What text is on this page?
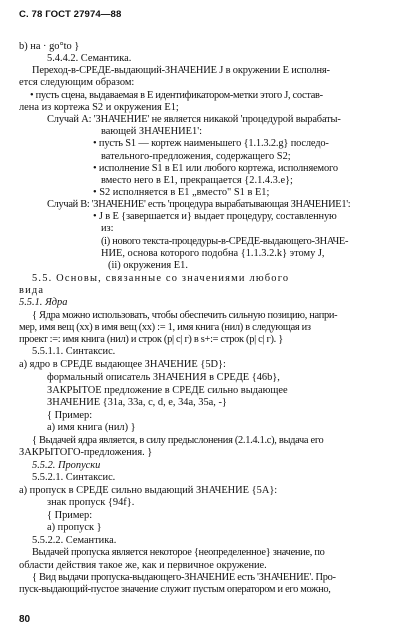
С. 78 ГОСТ 27974—88
b) на · go°to }
5.4.4.2. Семантика.
Переход-в-СРЕДЕ-выдающий-ЗНАЧЕНИЕ J в окружении E исполня-
ется следующим образом:
• пусть сцена, выдаваемая в E идентификатором-метки этого J, состав-
лена из кортежа S2 и окружения E1;
Случай A: 'ЗНАЧЕНИЕ' не является никакой 'процедурой вырабаты-
вающей ЗНАЧЕНИЕ1':
• пусть S1 — кортеж наименьшего {1.1.3.2.g} последо-
вательного-предложения, содержащего S2;
• исполнение S1 в E1 или любого кортежа, исполняемого
вместо него в E1, прекращается {2.1.4.3.e};
• S2 исполняется в E1 „вместо" S1 в E1;
Случай B: 'ЗНАЧЕНИЕ' есть 'процедура вырабатывающая ЗНАЧЕНИЕ1':
• J в E {завершается и} выдает процедуру, составленную
из:
(i) нового текста-процедуры-в-СРЕДЕ-выдающего-ЗНАЧЕ-
НИЕ, основа которого подобна {1.1.3.2.k} этому J,
(ii) окружения E1.
5.5. Основы, связанные со значениями любого
вида
5.5.1. Ядра
{ Ядра можно использовать, чтобы обеспечить сильную позицию, напри-
мер, имя вещ (хх) в имя вещ (хх) := 1, имя книга (нил) в следующая из
проект :=: имя книга (нил) и строк (р| с| г) в s+:= строк (р| с| г). }
5.5.1.1. Синтаксис.
a) ядро в СРЕДЕ выдающее ЗНАЧЕНИЕ {5D}:
формальный описатель ЗНАЧЕНИЯ в СРЕДЕ {46b},
ЗАКРЫТОЕ предложение в СРЕДЕ сильно выдающее
ЗНАЧЕНИЕ {31a, 33a, c, d, e, 34a, 35a, -}
{ Пример:
a) имя книга (нил) }
{ Выдачей ядра является, в силу предыслонения (2.1.4.1.c), выдача его
ЗАКРЫТОГО-предложения. }
5.5.2. Пропуски
5.5.2.1. Синтаксис.
a) пропуск в СРЕДЕ сильно выдающий ЗНАЧЕНИЕ {5A}:
знак пропуск {94f}.
{ Пример:
a) пропуск }
5.5.2.2. Семантика.
Выдачей пропуска является некоторое {неопределенное} значение, по
области действия такое же, как и первичное окружение.
{ Вид выдачи пропуска-выдающего-ЗНАЧЕНИЕ есть 'ЗНАЧЕНИЕ'. Про-
пуск-выдающий-пустое значение служит пустым оператором и его можно,
80
